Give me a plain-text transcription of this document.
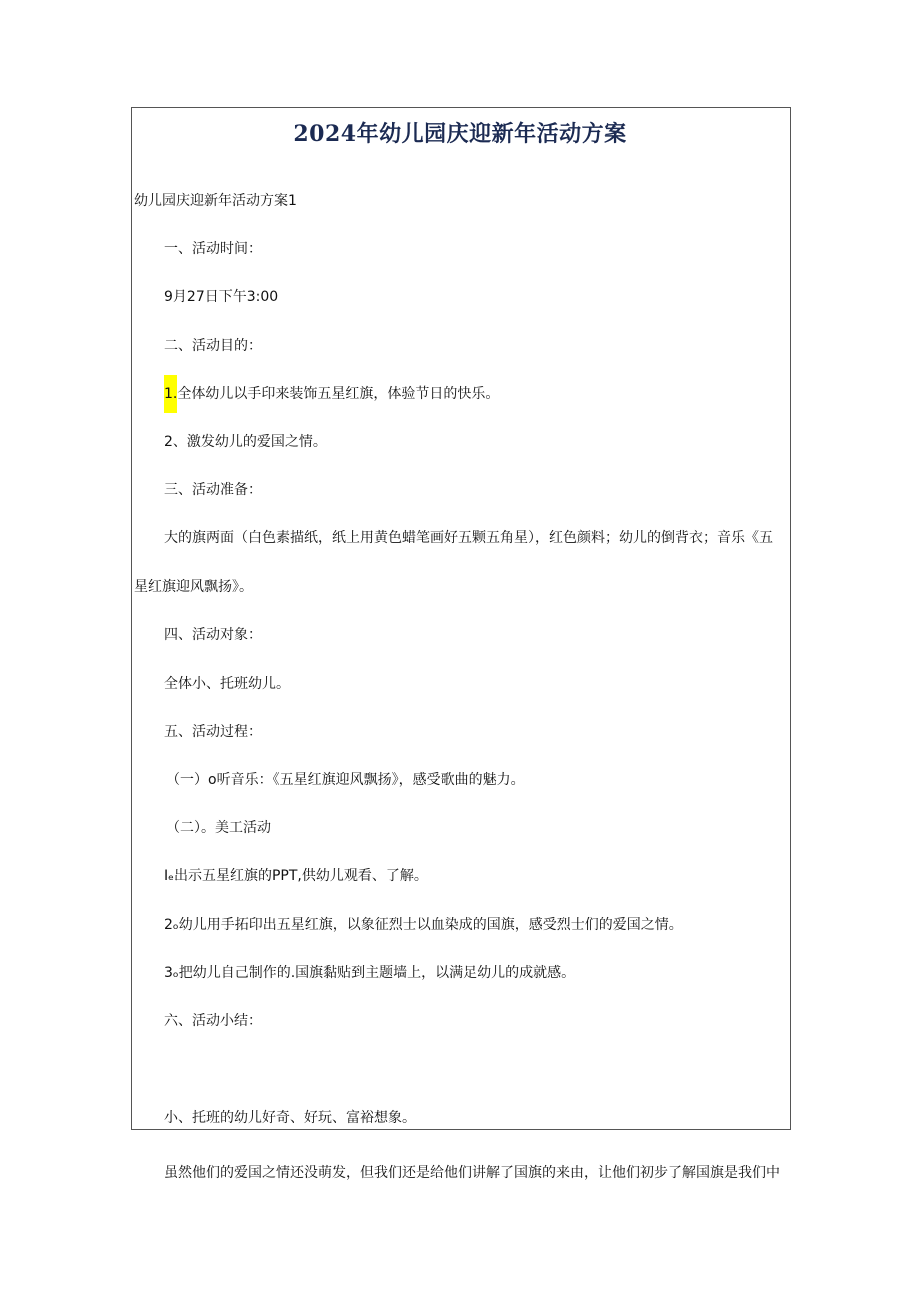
2024年幼儿园庆迎新年活动方案
幼儿园庆迎新年活动方案1
一、活动时间：
9月27日下午3:00
二、活动目的：
1.全体幼儿以手印来装饰五星红旗，体验节日的快乐。
2、激发幼儿的爱国之情。
三、活动准备：
大的旗两面（白色素描纸，纸上用黄色蜡笔画好五颗五角星），红色颜料；幼儿的倒背衣；音乐《五
星红旗迎风飘扬》。
四、活动对象：
全体小、托班幼儿。
五、活动过程：
（一）o听音乐：《五星红旗迎风飘扬》，感受歌曲的魅力。
（二）。美工活动
Iₑ出示五星红旗的PPT,供幼儿观看、了解。
2ₒ幼儿用手拓印出五星红旗，以象征烈士以血染成的国旗，感受烈士们的爱国之情。
3ₒ把幼儿自己制作的.国旗黏贴到主题墙上，以满足幼儿的成就感。
六、活动小结：
小、托班的幼儿好奇、好玩、富裕想象。
虽然他们的爱国之情还没萌发，但我们还是给他们讲解了国旗的来由，让他们初步了解国旗是我们中
